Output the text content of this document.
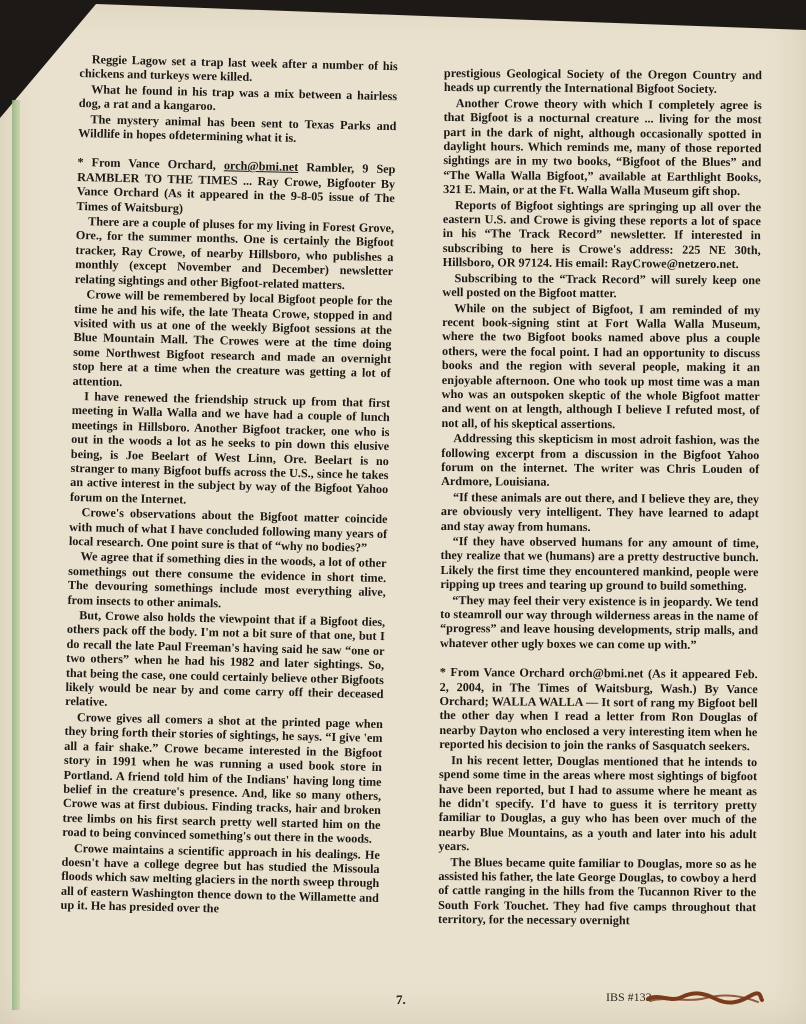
Reggie Lagow set a trap last week after a number of his chickens and turkeys were killed.

What he found in his trap was a mix between a hairless dog, a rat and a kangaroo.

The mystery animal has been sent to Texas Parks and Wildlife in hopes ofdetermining what it is.

* From Vance Orchard, orch@bmi.net Rambler, 9 Sep RAMBLER TO THE TIMES ... Ray Crowe, Bigfooter By Vance Orchard (As it appeared in the 9-8-05 issue of The Times of Waitsburg)

There are a couple of pluses for my living in Forest Grove, Ore., for the summer months. One is certainly the Bigfoot tracker, Ray Crowe, of nearby Hillsboro, who publishes a monthly (except November and December) newsletter relating sightings and other Bigfoot-related matters.

Crowe will be remembered by local Bigfoot people for the time he and his wife, the late Theata Crowe, stopped in and visited with us at one of the weekly Bigfoot sessions at the Blue Mountain Mall. The Crowes were at the time doing some Northwest Bigfoot research and made an overnight stop here at a time when the creature was getting a lot of attention.

I have renewed the friendship struck up from that first meeting in Walla Walla and we have had a couple of lunch meetings in Hillsboro. Another Bigfoot tracker, one who is out in the woods a lot as he seeks to pin down this elusive being, is Joe Beelart of West Linn, Ore. Beelart is no stranger to many Bigfoot buffs across the U.S., since he takes an active interest in the subject by way of the Bigfoot Yahoo forum on the Internet.

Crowe's observations about the Bigfoot matter coincide with much of what I have concluded following many years of local research. One point sure is that of “why no bodies?”

We agree that if something dies in the woods, a lot of other somethings out there consume the evidence in short time. The devouring somethings include most everything alive, from insects to other animals.

But, Crowe also holds the viewpoint that if a Bigfoot dies, others pack off the body. I'm not a bit sure of that one, but I do recall the late Paul Freeman's having said he saw “one or two others” when he had his 1982 and later sightings. So, that being the case, one could certainly believe other Bigfoots likely would be near by and come carry off their deceased relative.

Crowe gives all comers a shot at the printed page when they bring forth their stories of sightings, he says. “I give 'em all a fair shake.” Crowe became interested in the Bigfoot story in 1991 when he was running a used book store in Portland. A friend told him of the Indians' having long time belief in the creature's presence. And, like so many others, Crowe was at first dubious. Finding tracks, hair and broken tree limbs on his first search pretty well started him on the road to being convinced something's out there in the woods.

Crowe maintains a scientific approach in his dealings. He doesn't have a college degree but has studied the Missoula floods which saw melting glaciers in the north sweep through all of eastern Washington thence down to the Willamette and up it. He has presided over the

prestigious Geological Society of the Oregon Country and heads up currently the International Bigfoot Society.

Another Crowe theory with which I completely agree is that Bigfoot is a nocturnal creature ... living for the most part in the dark of night, although occasionally spotted in daylight hours. Which reminds me, many of those reported sightings are in my two books, “Bigfoot of the Blues” and “The Walla Walla Bigfoot,” available at Earthlight Books, 321 E. Main, or at the Ft. Walla Walla Museum gift shop.

Reports of Bigfoot sightings are springing up all over the eastern U.S. and Crowe is giving these reports a lot of space in his “The Track Record” newsletter. If interested in subscribing to here is Crowe's address: 225 NE 30th, Hillsboro, OR 97124. His email: RayCrowe@netzero.net.

Subscribing to the “Track Record” will surely keep one well posted on the Bigfoot matter.

While on the subject of Bigfoot, I am reminded of my recent book-signing stint at Fort Walla Walla Museum, where the two Bigfoot books named above plus a couple others, were the focal point. I had an opportunity to discuss books and the region with several people, making it an enjoyable afternoon. One who took up most time was a man who was an outspoken skeptic of the whole Bigfoot matter and went on at length, although I believe I refuted most, of not all, of his skeptical assertions.

Addressing this skepticism in most adroit fashion, was the following excerpt from a discussion in the Bigfoot Yahoo forum on the internet. The writer was Chris Louden of Ardmore, Louisiana.

“If these animals are out there, and I believe they are, they are obviously very intelligent. They have learned to adapt and stay away from humans.

“If they have observed humans for any amount of time, they realize that we (humans) are a pretty destructive bunch. Likely the first time they encountered mankind, people were ripping up trees and tearing up ground to build something.

“They may feel their very existence is in jeopardy. We tend to steamroll our way through wilderness areas in the name of “progress” and leave housing developments, strip malls, and whatever other ugly boxes we can come up with.”

* From Vance Orchard orch@bmi.net (As it appeared Feb. 2, 2004, in The Times of Waitsburg, Wash.) By Vance Orchard; WALLA WALLA — It sort of rang my Bigfoot bell the other day when I read a letter from Ron Douglas of nearby Dayton who enclosed a very interesting item when he reported his decision to join the ranks of Sasquatch seekers.

In his recent letter, Douglas mentioned that he intends to spend some time in the areas where most sightings of bigfoot have been reported, but I had to assume where he meant as he didn't specify. I'd have to guess it is territory pretty familiar to Douglas, a guy who has been over much of the nearby Blue Mountains, as a youth and later into his adult years.

The Blues became quite familiar to Douglas, more so as he assisted his father, the late George Douglas, to cowboy a herd of cattle ranging in the hills from the Tucannon River to the South Fork Touchet. They had five camps throughout that territory, for the necessary overnight

7.	IBS #133
